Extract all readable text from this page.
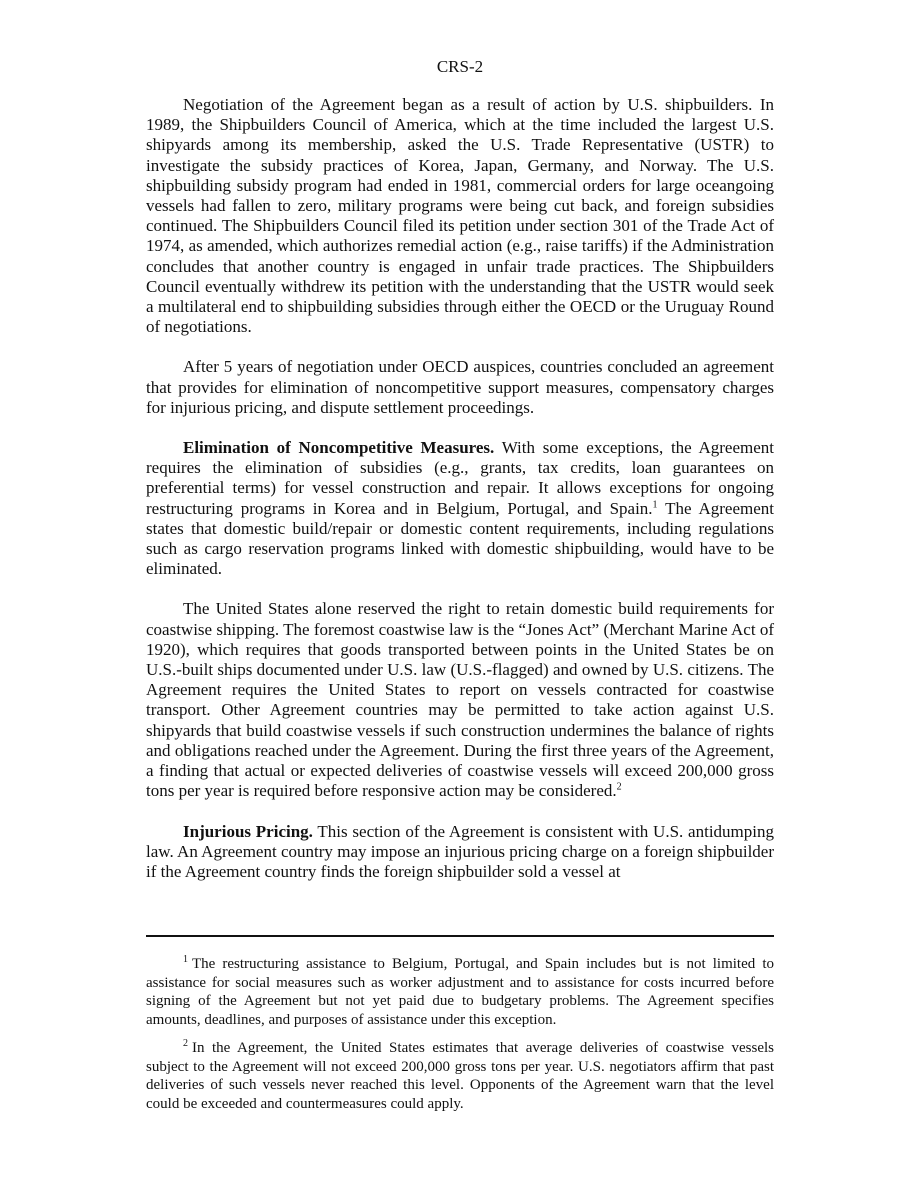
CRS-2

Negotiation of the Agreement began as a result of action by U.S. shipbuilders. In 1989, the Shipbuilders Council of America, which at the time included the largest U.S. shipyards among its membership, asked the U.S. Trade Representative (USTR) to investigate the subsidy practices of Korea, Japan, Germany, and Norway. The U.S. shipbuilding subsidy program had ended in 1981, commercial orders for large oceangoing vessels had fallen to zero, military programs were being cut back, and foreign subsidies continued. The Shipbuilders Council filed its petition under section 301 of the Trade Act of 1974, as amended, which authorizes remedial action (e.g., raise tariffs) if the Administration concludes that another country is engaged in unfair trade practices. The Shipbuilders Council eventually withdrew its petition with the understanding that the USTR would seek a multilateral end to shipbuilding subsidies through either the OECD or the Uruguay Round of negotiations.

After 5 years of negotiation under OECD auspices, countries concluded an agreement that provides for elimination of noncompetitive support measures, compensatory charges for injurious pricing, and dispute settlement proceedings.

Elimination of Noncompetitive Measures. With some exceptions, the Agreement requires the elimination of subsidies (e.g., grants, tax credits, loan guarantees on preferential terms) for vessel construction and repair. It allows exceptions for ongoing restructuring programs in Korea and in Belgium, Portugal, and Spain.$^1$ The Agreement states that domestic build/repair or domestic content requirements, including regulations such as cargo reservation programs linked with domestic shipbuilding, would have to be eliminated.

The United States alone reserved the right to retain domestic build requirements for coastwise shipping. The foremost coastwise law is the “Jones Act” (Merchant Marine Act of 1920), which requires that goods transported between points in the United States be on U.S.-built ships documented under U.S. law (U.S.-flagged) and owned by U.S. citizens. The Agreement requires the United States to report on vessels contracted for coastwise transport. Other Agreement countries may be permitted to take action against U.S. shipyards that build coastwise vessels if such construction undermines the balance of rights and obligations reached under the Agreement. During the first three years of the Agreement, a finding that actual or expected deliveries of coastwise vessels will exceed 200,000 gross tons per year is required before responsive action may be considered.$^2$

Injurious Pricing. This section of the Agreement is consistent with U.S. antidumping law. An Agreement country may impose an injurious pricing charge on a foreign shipbuilder if the Agreement country finds the foreign shipbuilder sold a vessel at

$^1$ The restructuring assistance to Belgium, Portugal, and Spain includes but is not limited to assistance for social measures such as worker adjustment and to assistance for costs incurred before signing of the Agreement but not yet paid due to budgetary problems. The Agreement specifies amounts, deadlines, and purposes of assistance under this exception.

$^2$ In the Agreement, the United States estimates that average deliveries of coastwise vessels subject to the Agreement will not exceed 200,000 gross tons per year. U.S. negotiators affirm that past deliveries of such vessels never reached this level. Opponents of the Agreement warn that the level could be exceeded and countermeasures could apply.
